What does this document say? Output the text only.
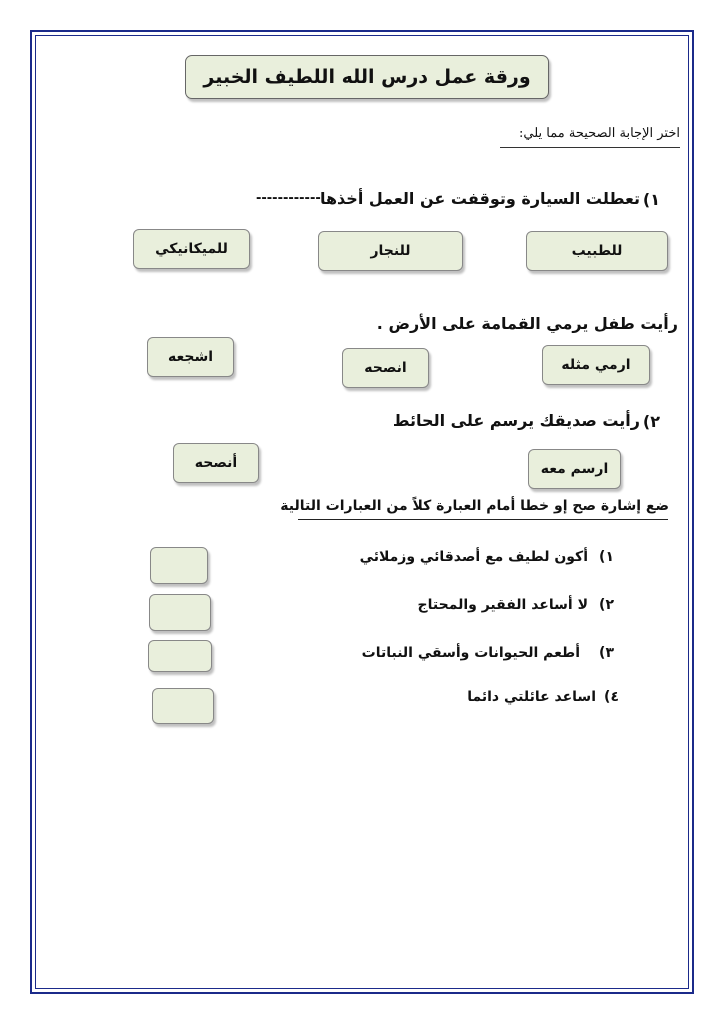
ورقة عمل درس الله اللطيف الخبير
اختر الإجابة الصحيحة مما يلي:
١)
تعطلت السيارة وتوقفت عن العمل أخذها
------------
للطبيب
للنجار
للميكانيكي
رأيت طفل يرمي القمامة على الأرض .
ارمي مثله
انصحه
اشجعه
٢)
رأيت صديقك يرسم على الحائط
ارسم معه
أنصحه
ضع إشارة صح إو خطا أمام العبارة كلاً من العبارات التالية
١)
أكون لطيف مع أصدقائي وزملائي
٢)
لا أساعد الفقير والمحتاج
٣)
أطعم الحيوانات وأسقي النباتات
٤)
اساعد عائلتي دائما
